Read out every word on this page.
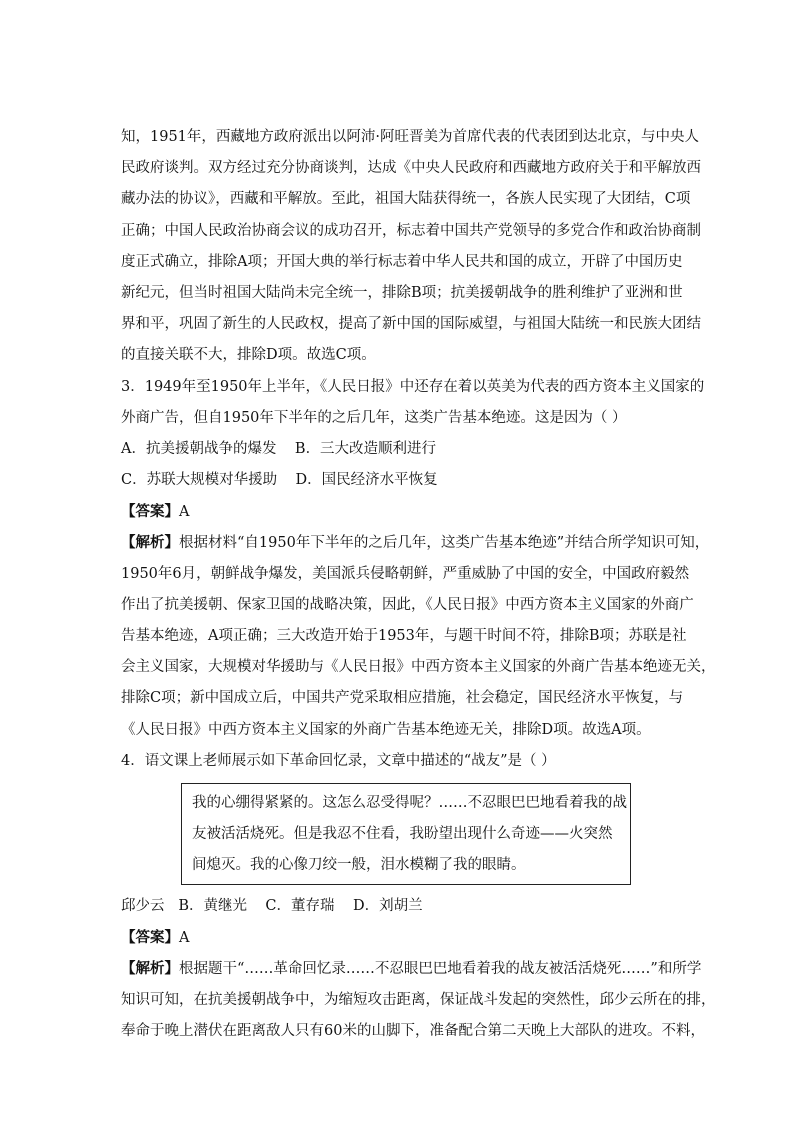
知，1951年，西藏地方政府派出以阿沛·阿旺晋美为首席代表的代表团到达北京，与中央人
民政府谈判。双方经过充分协商谈判，达成《中央人民政府和西藏地方政府关于和平解放西
藏办法的协议》，西藏和平解放。至此，祖国大陆获得统一，各族人民实现了大团结，C项
正确；中国人民政治协商会议的成功召开，标志着中国共产党领导的多党合作和政治协商制
度正式确立，排除A项；开国大典的举行标志着中华人民共和国的成立，开辟了中国历史
新纪元，但当时祖国大陆尚未完全统一，排除B项；抗美援朝战争的胜利维护了亚洲和世
界和平，巩固了新生的人民政权，提高了新中国的国际威望，与祖国大陆统一和民族大团结
的直接关联不大，排除D项。故选C项。
3．1949年至1950年上半年，《人民日报》中还存在着以英美为代表的西方资本主义国家的
外商广告，但自1950年下半年的之后几年，这类广告基本绝迹。这是因为（ ）
A．抗美援朝战争的爆发    B．三大改造顺利进行
C．苏联大规模对华援助    D．国民经济水平恢复
【答案】A
【解析】根据材料“自1950年下半年的之后几年，这类广告基本绝迹”并结合所学知识可知，
1950年6月，朝鲜战争爆发，美国派兵侵略朝鲜，严重威胁了中国的安全，中国政府毅然
作出了抗美援朝、保家卫国的战略决策，因此，《人民日报》中西方资本主义国家的外商广
告基本绝迹，A项正确；三大改造开始于1953年，与题干时间不符，排除B项；苏联是社
会主义国家，大规模对华援助与《人民日报》中西方资本主义国家的外商广告基本绝迹无关，
排除C项；新中国成立后，中国共产党采取相应措施，社会稳定，国民经济水平恢复，与
《人民日报》中西方资本主义国家的外商广告基本绝迹无关，排除D项。故选A项。
4．语文课上老师展示如下革命回忆录，文章中描述的“战友”是（ ）
我的心绷得紧紧的。这怎么忍受得呢？……不忍眼巴巴地看着我的战
友被活活烧死。但是我忍不住看，我盼望出现什么奇迹——火突然
间熄灭。我的心像刀绞一般，泪水模糊了我的眼睛。
邱少云   B．黄继光    C．董存瑞    D．刘胡兰
【答案】A
【解析】根据题干“……革命回忆录……不忍眼巴巴地看着我的战友被活活烧死……”和所学
知识可知，在抗美援朝战争中，为缩短攻击距离，保证战斗发起的突然性，邱少云所在的排，
奉命于晚上潜伏在距离敌人只有60米的山脚下，准备配合第二天晚上大部队的进攻。不料，
